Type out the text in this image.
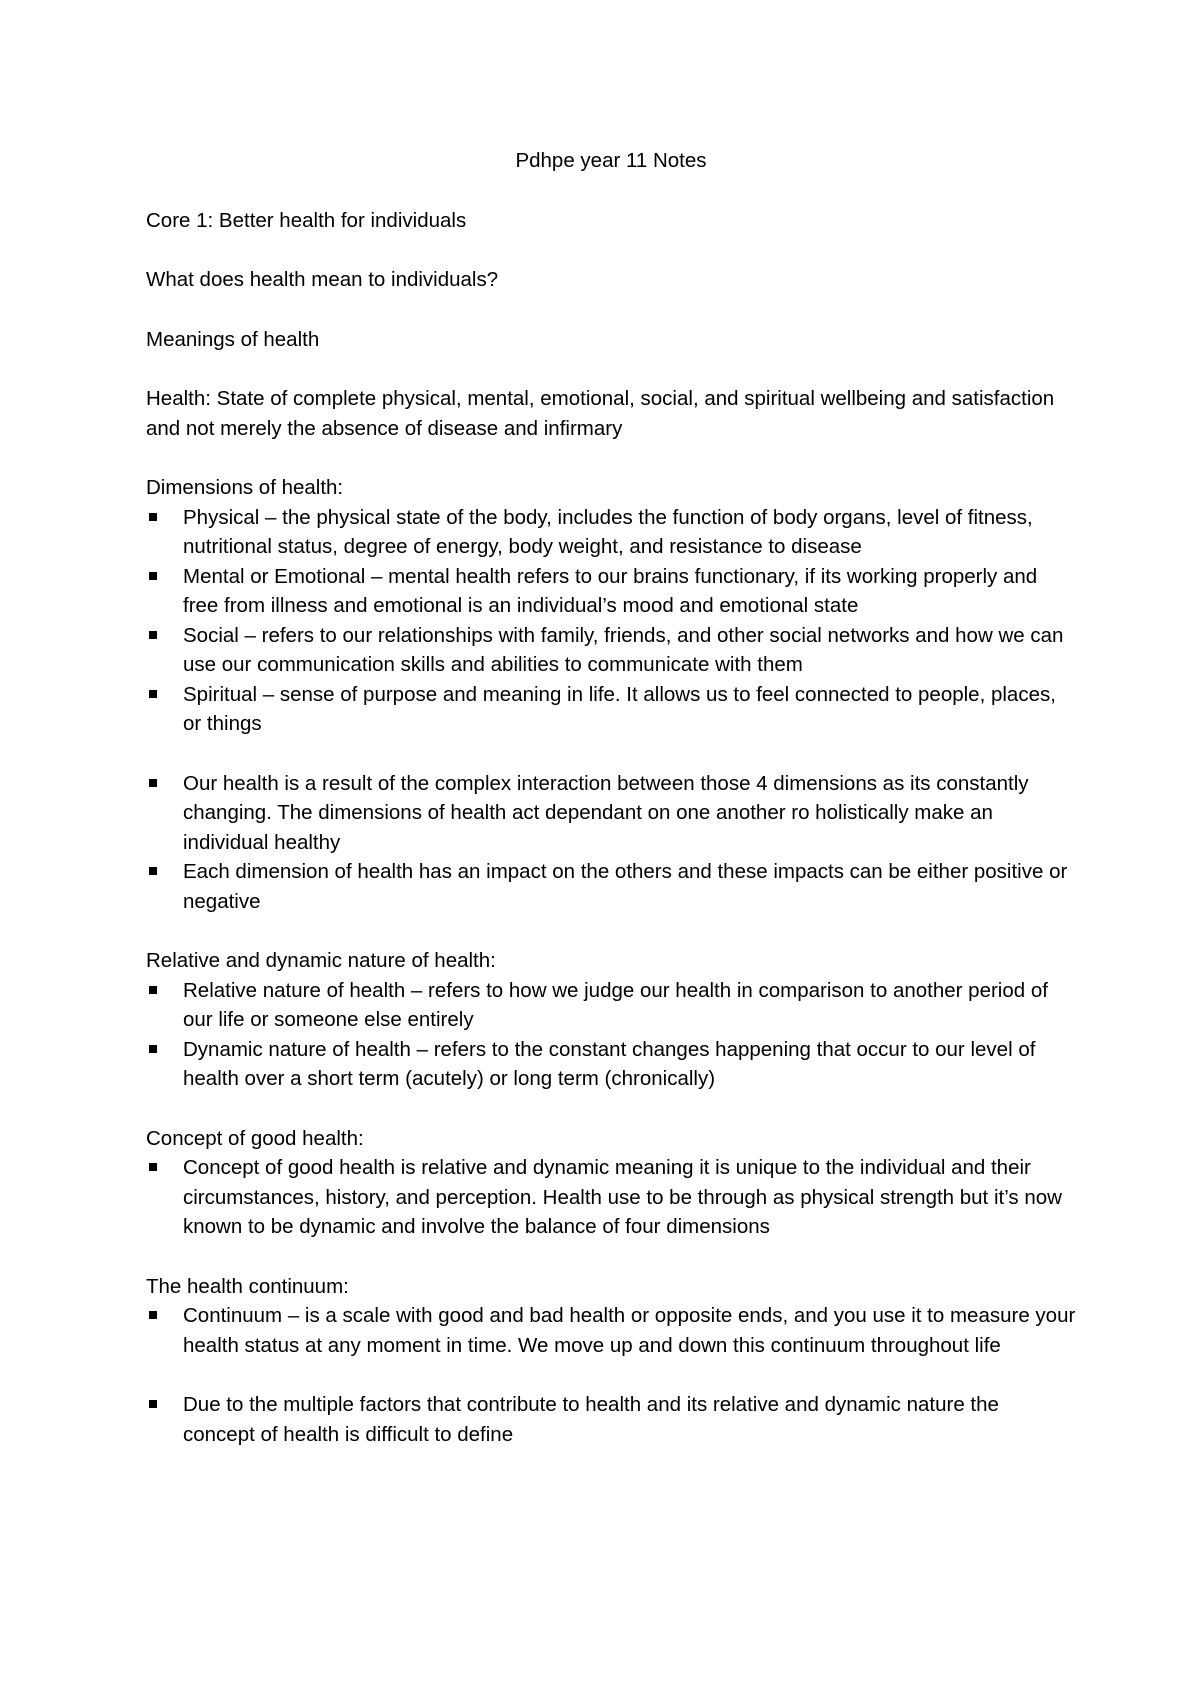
Pdhpe year 11 Notes

Core 1: Better health for individuals

What does health mean to individuals?

Meanings of health

Health: State of complete physical, mental, emotional, social, and spiritual wellbeing and satisfaction and not merely the absence of disease and infirmary

Dimensions of health:
Physical – the physical state of the body, includes the function of body organs, level of fitness, nutritional status, degree of energy, body weight, and resistance to disease
Mental or Emotional – mental health refers to our brains functionary, if its working properly and free from illness and emotional is an individual’s mood and emotional state
Social – refers to our relationships with family, friends, and other social networks and how we can use our communication skills and abilities to communicate with them
Spiritual – sense of purpose and meaning in life. It allows us to feel connected to people, places, or things
Our health is a result of the complex interaction between those 4 dimensions as its constantly changing. The dimensions of health act dependant on one another ro holistically make an individual healthy
Each dimension of health has an impact on the others and these impacts can be either positive or negative
Relative and dynamic nature of health:
Relative nature of health – refers to how we judge our health in comparison to another period of our life or someone else entirely
Dynamic nature of health – refers to the constant changes happening that occur to our level of health over a short term (acutely) or long term (chronically)
Concept of good health:
Concept of good health is relative and dynamic meaning it is unique to the individual and their circumstances, history, and perception. Health use to be through as physical strength but it’s now known to be dynamic and involve the balance of four dimensions
The health continuum:
Continuum – is a scale with good and bad health or opposite ends, and you use it to measure your health status at any moment in time. We move up and down this continuum throughout life
Due to the multiple factors that contribute to health and its relative and dynamic nature the concept of health is difficult to define
